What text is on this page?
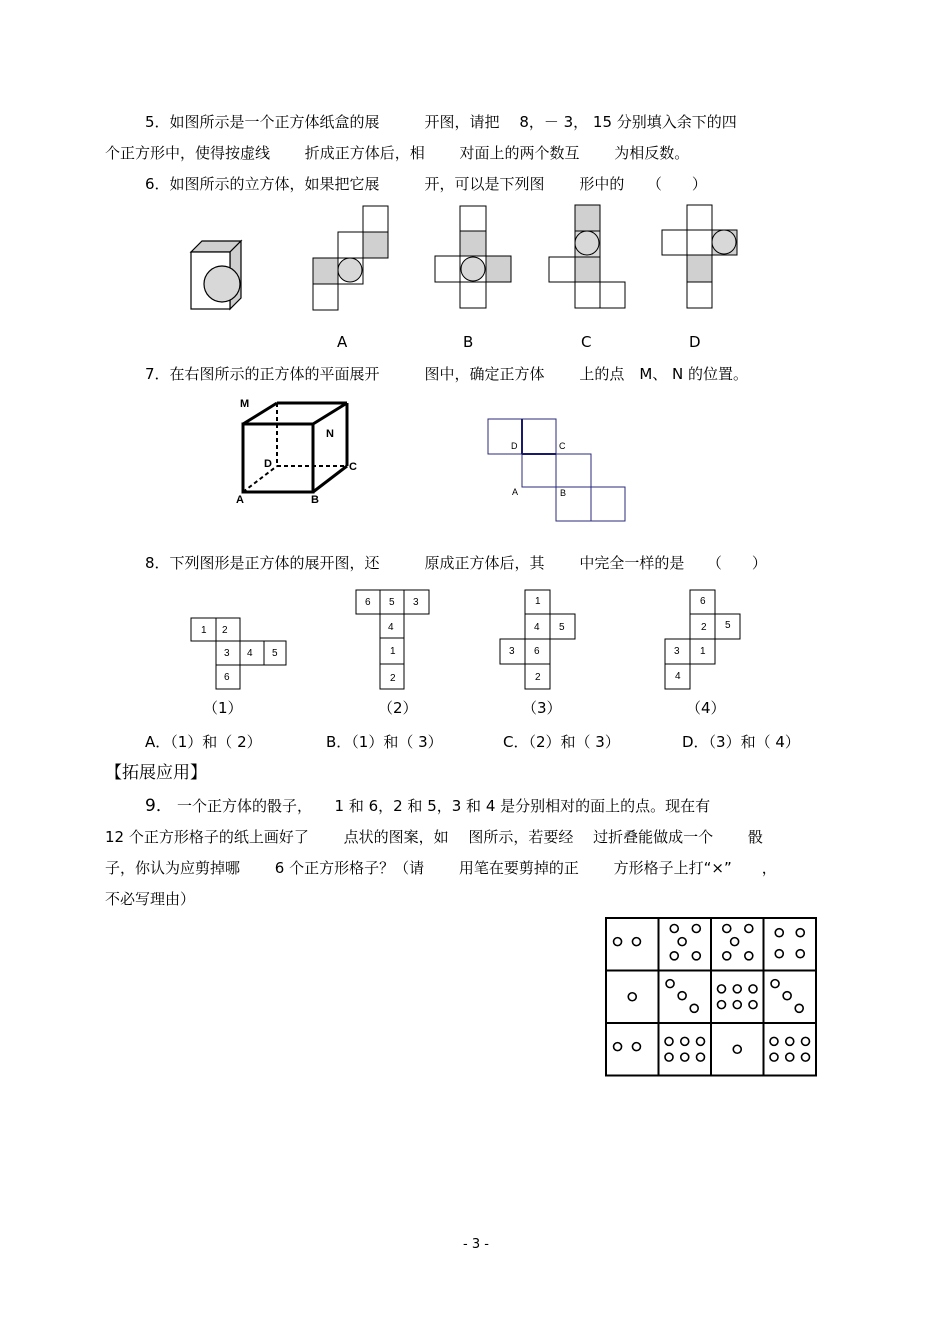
5．如图所示是一个正方体纸盒的展　　　开图，请把　 8，－ 3， 15 分别填入余下的四
个正方形中，使得按虚线　　 折成正方体后，相　　 对面上的两个数互　　 为相反数。
6．如图所示的立方体，如果把它展　　　开，可以是下列图　　 形中的　　（　　）
A	B	C	D
7．在右图所示的正方体的平面展开　　　图中，确定正方体　　 上的点　M、 N 的位置。
M
N
D	C
A	B
D	C
A	B
8．下列图形是正方体的展开图，还　　　原成正方体后，其　　 中完全一样的是　　（　　）
1 2
3 4 5
6
6 5 3
4
1
2
1
4 5
3 6
2
6
2 5
3 1
4
（1）	（2）	（3）	（4）
A．（1）和（ 2）	B．（1）和（ 3）	C．（2）和（ 3）	D．（3）和（ 4）
【拓展应用】
9． 一个正方体的骰子，　　1 和 6，2 和 5，3 和 4 是分别相对的面上的点。现在有
12 个正方形格子的纸上画好了　　 点状的图案，如　 图所示，若要经　 过折叠能做成一个　　 骰
子，你认为应剪掉哪　　 6 个正方形格子？（请　　 用笔在要剪掉的正　　 方形格子上打“×”　　，
不必写理由）
- 3 -
